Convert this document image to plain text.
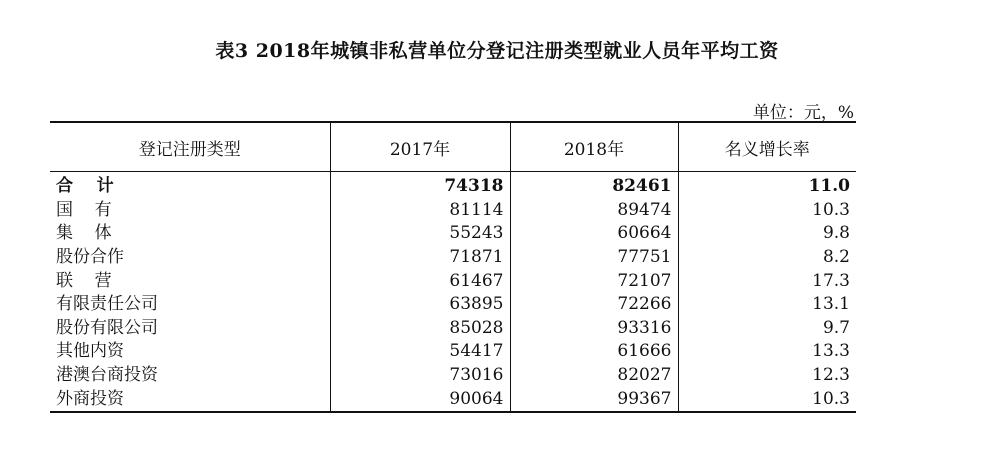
表3 2018年城镇非私营单位分登记注册类型就业人员年平均工资
单位：元，%
登记注册类型	2017年	2018年	名义增长率
合    计	74318	82461	11.0
国    有	81114	89474	10.3
集    体	55243	60664	9.8
股份合作	71871	77751	8.2
联    营	61467	72107	17.3
有限责任公司	63895	72266	13.1
股份有限公司	85028	93316	9.7
其他内资	54417	61666	13.3
港澳台商投资	73016	82027	12.3
外商投资	90064	99367	10.3
